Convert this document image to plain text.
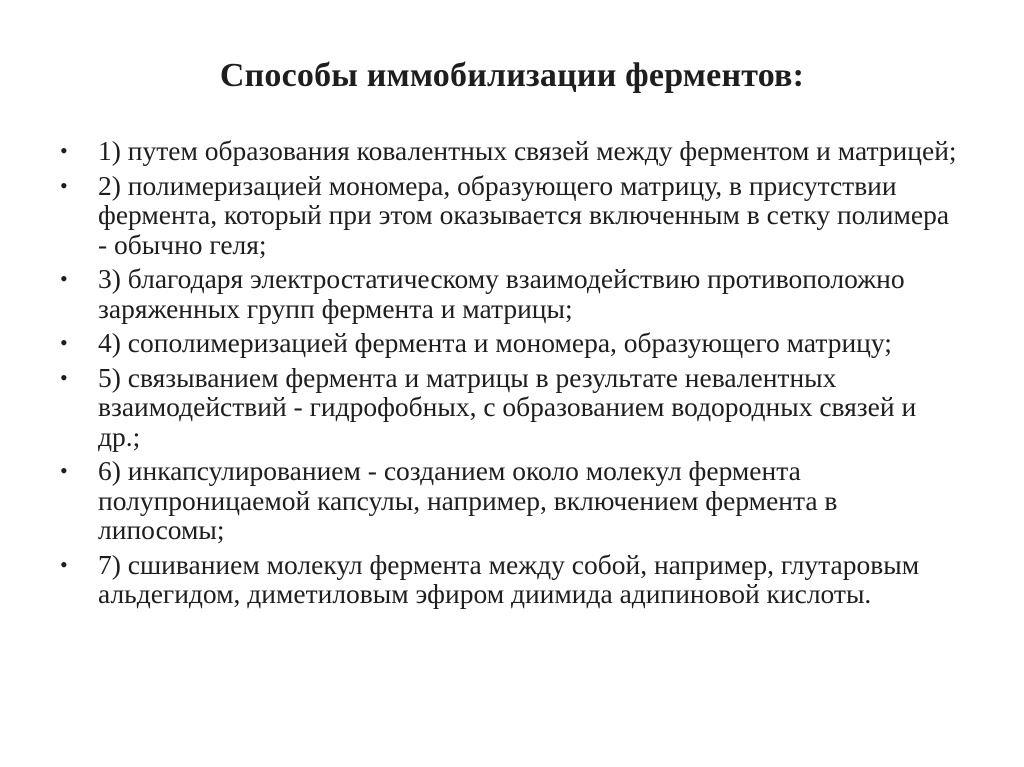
Способы иммобилизации ферментов:
•	1) путем образования ковалентных связей между ферментом и матрицей;
•	2) полимеризацией мономера, образующего матрицу, в присутствии фермента, который при этом оказывается включенным в сетку полимера - обычно геля;
•	3) благодаря электростатическому взаимодействию противоположно заряженных групп фермента и матрицы;
•	4) сополимеризацией фермента и мономера, образующего матрицу;
•	5) связыванием фермента и матрицы в результате невалентных взаимодействий - гидрофобных, с образованием водородных связей и др.;
•	6) инкапсулированием - созданием около молекул фермента полупроницаемой капсулы, например, включением фермента в липосомы;
•	7) сшиванием молекул фермента между собой, например, глутаровым альдегидом, диметиловым эфиром диимида адипиновой кислоты.
